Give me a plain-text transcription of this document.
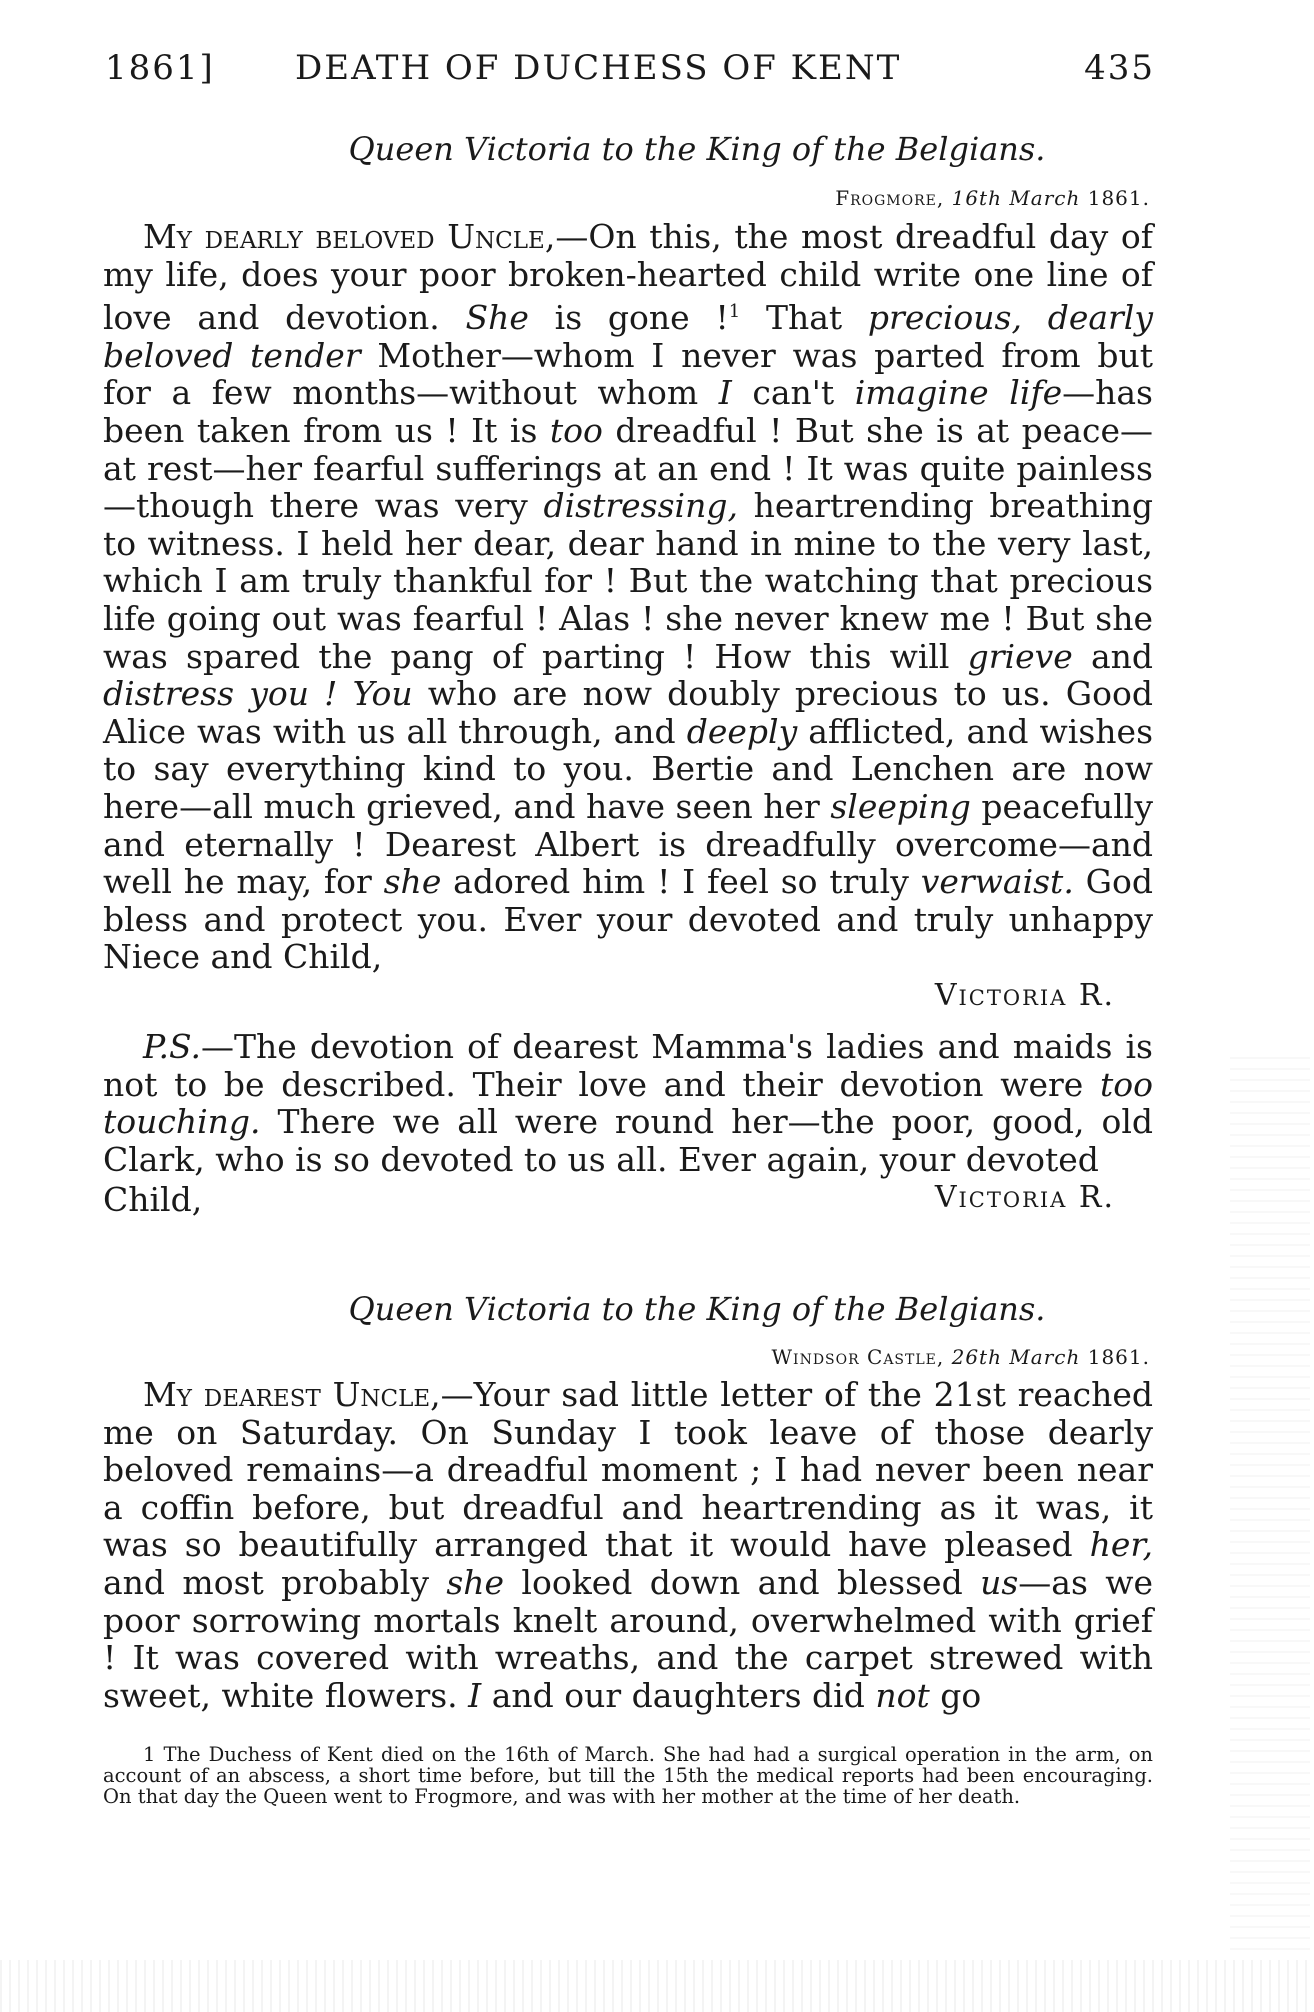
1861] DEATH OF DUCHESS OF KENT	435
Queen Victoria to the King of the Belgians.
Frogmore, 16th March 1861.

My dearly beloved Uncle,—On this, the most dreadful day of my life, does your poor broken-hearted child write one line of love and devotion. She is gone !$^1$ That precious, dearly beloved tender Mother—whom I never was parted from but for a few months—without whom I can't imagine life—has been taken from us ! It is too dreadful ! But she is at peace—at rest—her fearful sufferings at an end ! It was quite painless—though there was very distressing, heartrending breathing to witness. I held her dear, dear hand in mine to the very last, which I am truly thankful for ! But the watching that precious life going out was fearful ! Alas ! she never knew me ! But she was spared the pang of parting ! How this will grieve and distress you ! You who are now doubly precious to us. Good Alice was with us all through, and deeply afflicted, and wishes to say everything kind to you. Bertie and Lenchen are now here—all much grieved, and have seen her sleeping peacefully and eternally ! Dearest Albert is dreadfully overcome—and well he may, for she adored him ! I feel so truly verwaist. God bless and protect you. Ever your devoted and truly unhappy Niece and Child,

Victoria R.

P.S.—The devotion of dearest Mamma's ladies and maids is not to be described. Their love and their devotion were too touching. There we all were round her—the poor, good, old Clark, who is so devoted to us all. Ever again, your devoted

Child,	Victoria R.
Queen Victoria to the King of the Belgians.
Windsor Castle, 26th March 1861.

My dearest Uncle,—Your sad little letter of the 21st reached me on Saturday. On Sunday I took leave of those dearly beloved remains—a dreadful moment ; I had never been near a coffin before, but dreadful and heartrending as it was, it was so beautifully arranged that it would have pleased her, and most probably she looked down and blessed us—as we poor sorrowing mortals knelt around, overwhelmed with grief ! It was covered with wreaths, and the carpet strewed with sweet, white flowers. I and our daughters did not go

1 The Duchess of Kent died on the 16th of March. She had had a surgical operation in the arm, on account of an abscess, a short time before, but till the 15th the medical reports had been encouraging. On that day the Queen went to Frogmore, and was with her mother at the time of her death.
